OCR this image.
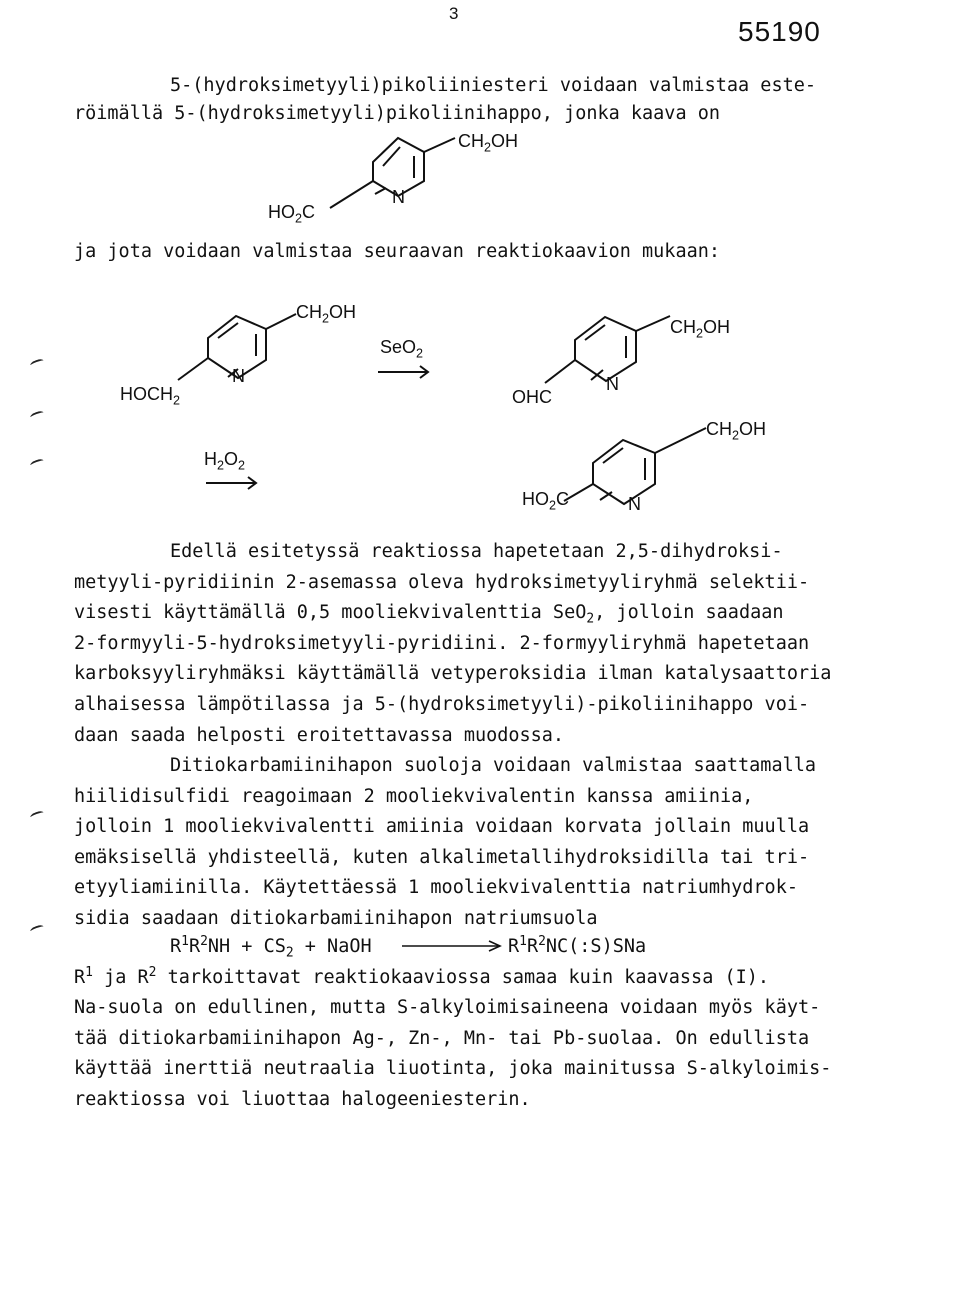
3
55190
5-(hydroksimetyyli)pikoliiniesteri voidaan valmistaa este-
röimällä 5-(hydroksimetyyli)pikoliinihappo, jonka kaava on
$CH_2OH$
N
$HO_2C$
ja jota voidaan valmistaa seuraavan reaktiokaavion mukaan:
$CH_2OH$
N
$HOCH_2$
SeO$_2$
$CH_2OH$
N
OHC
$H_2O_2$
$CH_2OH$
$HO_2C$	N
Edellä esitetyssä reaktiossa hapetetaan 2,5-dihydroksi-
metyyli-pyridiinin 2-asemassa oleva hydroksimetyyliryhmä selektii-
visesti käyttämällä 0,5 mooliekvivalenttia SeO$_2$, jolloin saadaan
2-formyyli-5-hydroksimetyyli-pyridiini. 2-formyyliryhmä hapetetaan
karboksyyliryhmäksi käyttämällä vetyperoksidia ilman katalysaattoria
alhaisessa lämpötilassa ja 5-(hydroksimetyyli)-pikoliinihappo voi-
daan saada helposti eroitettavassa muodossa.
Ditiokarbamiinihapon suoloja voidaan valmistaa saattamalla
hiilidisulfidi reagoimaan 2 mooliekvivalentin kanssa amiinia,
jolloin 1 mooliekvivalentti amiinia voidaan korvata jollain muulla
emäksisellä yhdisteellä, kuten alkalimetallihydroksidilla tai tri-
etyyliamiinilla. Käytettäessä 1 mooliekvivalenttia natriumhydrok-
sidia saadaan ditiokarbamiinihapon natriumsuola
$R^1R^2NH + CS_2$ + NaOH	$R^1R^2NC(:S)SNa$
$R^1$ ja $R^2$ tarkoittavat reaktiokaaviossa samaa kuin kaavassa (I).
Na-suola on edullinen, mutta S-alkyloimisaineena voidaan myös käyt-
tää ditiokarbamiinihapon Ag-, Zn-, Mn- tai Pb-suolaa. On edullista
käyttää inerttiä neutraalia liuotinta, joka mainitussa S-alkyloimis-
reaktiossa voi liuottaa halogeeniesterin.
